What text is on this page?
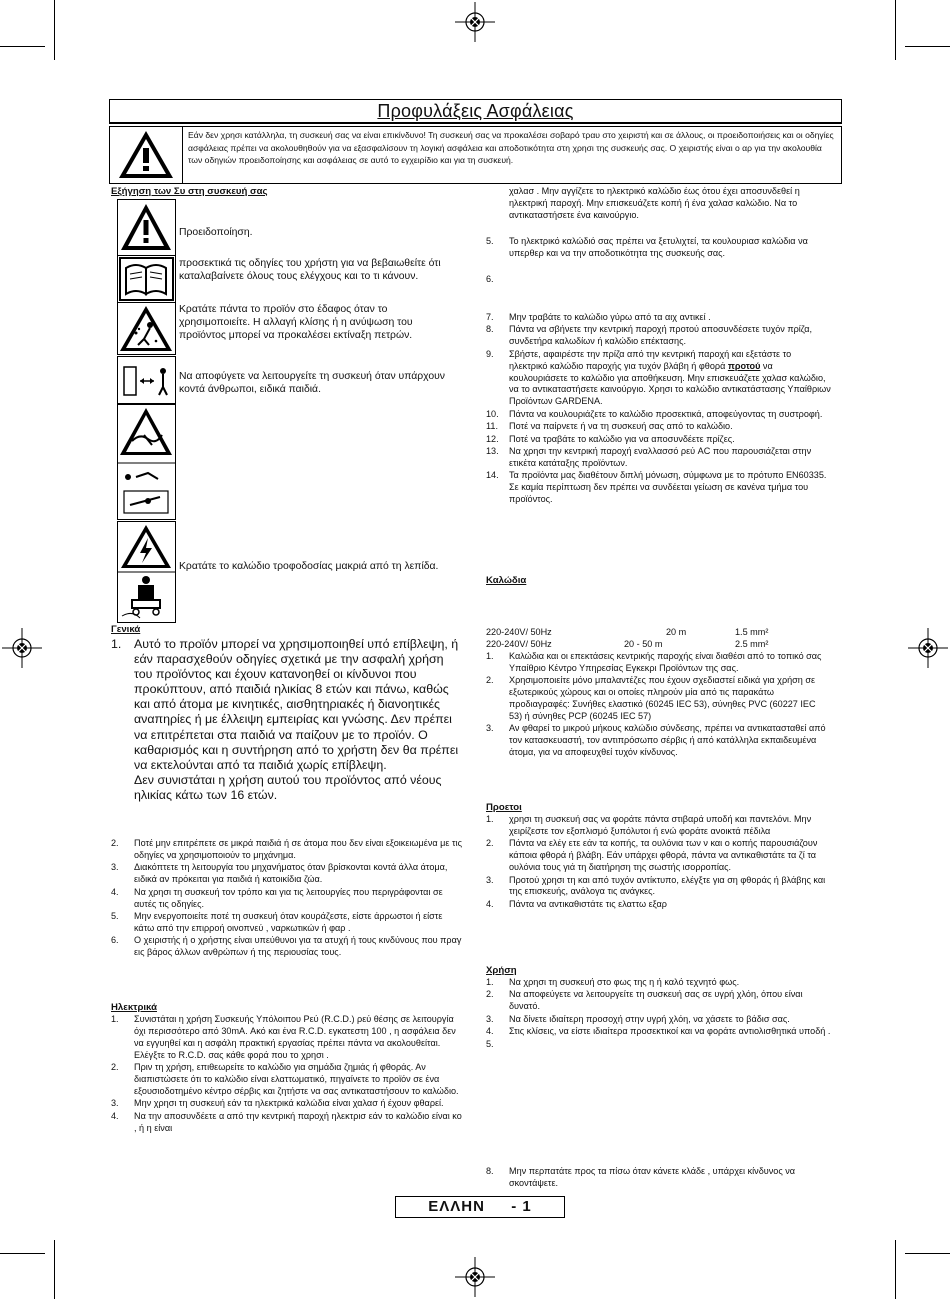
Προφυλάξεις Ασφάλειας
Εάν δεν χρησι κατάλληλα, τη συσκευή σας να είναι επικίνδυνο! Τη συσκευή σας να προκαλέσει σοβαρό τραυ στο χειριστή και σε άλλους, οι προειδοποιήσεις και οι οδηγίες ασφάλειας πρέπει να ακολουθηθούν για να εξασφαλίσουν τη λογική ασφάλεια και αποδοτικότητα στη χρησι της συσκευής σας. Ο χειριστής είναι ο αρ για την ακολουθία των οδηγιών προειδοποίησης και ασφάλειας σε αυτό το εγχειρίδιο και για τη συσκευή.
Εξήγηση των Συ στη συσκευή σας
Προειδοποίηση.
προσεκτικά τις οδηγίες του χρήστη για να βεβαιωθείτε ότι καταλαβαίνετε όλους τους ελέγχους και το τι κάνουν.
Κρατάτε πάντα το προϊόν στο έδαφος όταν το χρησιμοποιείτε. Η αλλαγή κλίσης ή η ανύψωση του προϊόντος μπορεί να προκαλέσει εκτίναξη πετρών.
Να αποφύγετε να λειτουργείτε τη συσκευή όταν υπάρχουν κοντά άνθρωποι, ειδικά παιδιά.
Κρατάτε το καλώδιο τροφοδοσίας μακριά από τη λεπίδα.
Γενικά
1. Αυτό το προϊόν μπορεί να χρησιμοποιηθεί υπό επίβλεψη, ή εάν παρασχεθούν οδηγίες σχετικά με την ασφαλή χρήση του προϊόντος και έχουν κατανοηθεί οι κίνδυνοι που προκύπτουν, από παιδιά ηλικίας 8 ετών και πάνω, καθώς και από άτομα με κινητικές, αισθητηριακές ή διανοητικές αναπηρίες ή με έλλειψη εμπειρίας και γνώσης. Δεν πρέπει να επιτρέπεται στα παιδιά να παίζουν με το προϊόν. Ο καθαρισμός και η συντήρηση από το χρήστη δεν θα πρέπει να εκτελούνται από τα παιδιά χωρίς επίβλεψη.
Δεν συνιστάται η χρήση αυτού του προϊόντος από νέους ηλικίας κάτω των 16 ετών.
2. Ποτέ μην επιτρέπετε σε μικρά παιδιά ή σε άτομα που δεν είναι εξοικειωμένα με τις οδηγίες να χρησιμοποιούν το μηχάνημα.
3. Διακόπτετε τη λειτουργία του μηχανήματος όταν βρίσκονται κοντά άλλα άτομα, ειδικά αν πρόκειται για παιδιά ή κατοικίδια ζώα.
4. Να χρησι τη συσκευή τον τρόπο και για τις λειτουργίες που περιγράφονται σε αυτές τις οδηγίες.
5. Μην ενεργοποιείτε ποτέ τη συσκευή όταν κουράζεστε, είστε άρρωστοι ή είστε κάτω από την επιρροή οινοπνεύ , ναρκωτικών ή φαρ .
6. Ο χειριστής ή ο χρήστης είναι υπεύθυνοι για τα ατυχή ή τους κινδύνους που πραγ εις βάρος άλλων ανθρώπων ή της περιουσίας τους.
Ηλεκτρικά
1. Συνιστάται η χρήση Συσκευής Υπόλοιπου Ρεύ (R.C.D.) ρεύ θέσης σε λειτουργία όχι περισσότερο από 30mA. Ακό και ένα R.C.D. εγκατεστη 100 , η ασφάλεια δεν να εγγυηθεί και η ασφάλη πρακτική εργασίας πρέπει πάντα να ακολουθείται. Ελέγξτε το R.C.D. σας κάθε φορά που το χρησι .
2. Πριν τη χρήση, επιθεωρείτε το καλώδιο για σημάδια ζημιάς ή φθοράς. Αν διαπιστώσετε ότι το καλώδιο είναι ελαττωματικό, πηγαίνετε το προϊόν σε ένα εξουσιοδοτημένο κέντρο σέρβις και ζητήστε να σας αντικαταστήσουν το καλώδιο.
3. Μην χρησι τη συσκευή εάν τα ηλεκτρικά καλώδια είναι χαλασ ή έχουν φθαρεί.
4. Να την αποσυνδέετε α από την κεντρική παροχή ηλεκτρισ εάν το καλώδιο είναι κο , ή η είναι
χαλασ . Μην αγγίζετε το ηλεκτρικό καλώδιο έως ότου έχει αποσυνδεθεί η ηλεκτρική παροχή. Μην επισκευάζετε κοπή ή ένα χαλασ καλώδιο. Να το αντικαταστήσετε ένα καινούργιο.
5. Το ηλεκτρικό καλώδιό σας πρέπει να ξετυλιχτεί, τα κουλουριασ καλώδια να υπερθερ και να την αποδοτικότητα της συσκευής σας.
6.
7. Μην τραβάτε το καλώδιο γύρω από τα αιχ αντικεί .
8. Πάντα να σβήνετε την κεντρική παροχή προτού αποσυνδέσετε τυχόν πρίζα, συνδετήρα καλωδίων ή καλώδιο επέκτασης.
9. Σβήστε, αφαιρέστε την πρίζα από την κεντρική παροχή και εξετάστε το ηλεκτρικό καλώδιο παροχής για τυχόν βλάβη ή φθορά προτού να κουλουριάσετε το καλώδιο για αποθήκευση. Μην επισκευάζετε χαλασ καλώδιο, να το αντικαταστήσετε καινούργιο. Χρησι το καλώδιο αντικατάστασης Υπαίθριων Προϊόντων GARDENA.
10. Πάντα να κουλουριάζετε το καλώδιο προσεκτικά, αποφεύγοντας τη συστροφή.
11. Ποτέ να παίρνετε ή να τη συσκευή σας από το καλώδιο.
12. Ποτέ να τραβάτε το καλώδιο για να αποσυνδέετε πρίζες.
13. Να χρησι την κεντρική παροχή εναλλασσό ρεύ AC που παρουσιάζεται στην ετικέτα κατάταξης προϊόντων.
14. Τα προϊόντα μας διαθέτουν διπλή μόνωση, σύμφωνα με το πρότυπο EN60335. Σε καμία περίπτωση δεν πρέπει να συνδέεται γείωση σε κανένα τμήμα του προϊόντος.
Καλώδια
220-240V/ 50Hz	20 m	1.5 mm²
220-240V/ 50Hz	20 - 50 m	2.5 mm²
1. Καλώδια και οι επεκτάσεις κεντρικής παροχής είναι διαθέσι από το τοπικό σας Υπαίθριο Κέντρο Υπηρεσίας Εγκεκρι Προϊόντων της σας.
2. Χρησιμοποιείτε μόνο μπαλαντέζες που έχουν σχεδιαστεί ειδικά για χρήση σε εξωτερικούς χώρους και οι οποίες πληρούν μία από τις παρακάτω προδιαγραφές: Συνήθες ελαστικό (60245 IEC 53), σύνηθες PVC (60227 IEC 53) ή σύνηθες PCP (60245 IEC 57)
3. Αν φθαρεί το μικρού μήκους καλώδιο σύνδεσης, πρέπει να αντικατασταθεί από τον κατασκευαστή, τον αντιπρόσωπο σέρβις ή από κατάλληλα εκπαιδευμένα άτομα, για να αποφευχθεί τυχόν κίνδυνος.
Προετοι
1. χρησι τη συσκευή σας να φοράτε πάντα στιβαρά υποδή και παντελόνι. Μην χειρίζεστε τον εξοπλισμό ξυπόλυτοι ή ενώ φοράτε ανοικτά πέδιλα
2. Πάντα να ελέγ ετε εάν τα κοπής, τα ουλόνια των ν και ο κοπής παρουσιάζουν κάποια φθορά ή βλάβη. Εάν υπάρχει φθορά, πάντα να αντικαθιστάτε τα ζί τα ουλόνια τους γιά τη διατήρηση της σωστής ισορροπίας.
3. Προτού χρησι τη και από τυχόν αντίκτυπο, ελέγξτε για ση φθοράς ή βλάβης και της επισκευής, ανάλογα τις ανάγκες.
4. Πάντα να αντικαθιστάτε τις ελαττω εξαρ
Χρήση
1. Να χρησι τη συσκευή στο φως της η ή καλό τεχνητό φως.
2. Να αποφεύγετε να λειτουργείτε τη συσκευή σας σε υγρή χλόη, όπου είναι δυνατό.
3. Να δίνετε ιδιαίτερη προσοχή στην υγρή χλόη, να χάσετε το βάδισ σας.
4. Στις κλίσεις, να είστε ιδιαίτερα προσεκτικοί και να φοράτε αντιολισθητικά υποδή .
5.
8. Μην περπατάτε προς τα πίσω όταν κάνετε κλάδε , υπάρχει κίνδυνος να σκοντάψετε.
ΕΛΛΗΝ - 1
